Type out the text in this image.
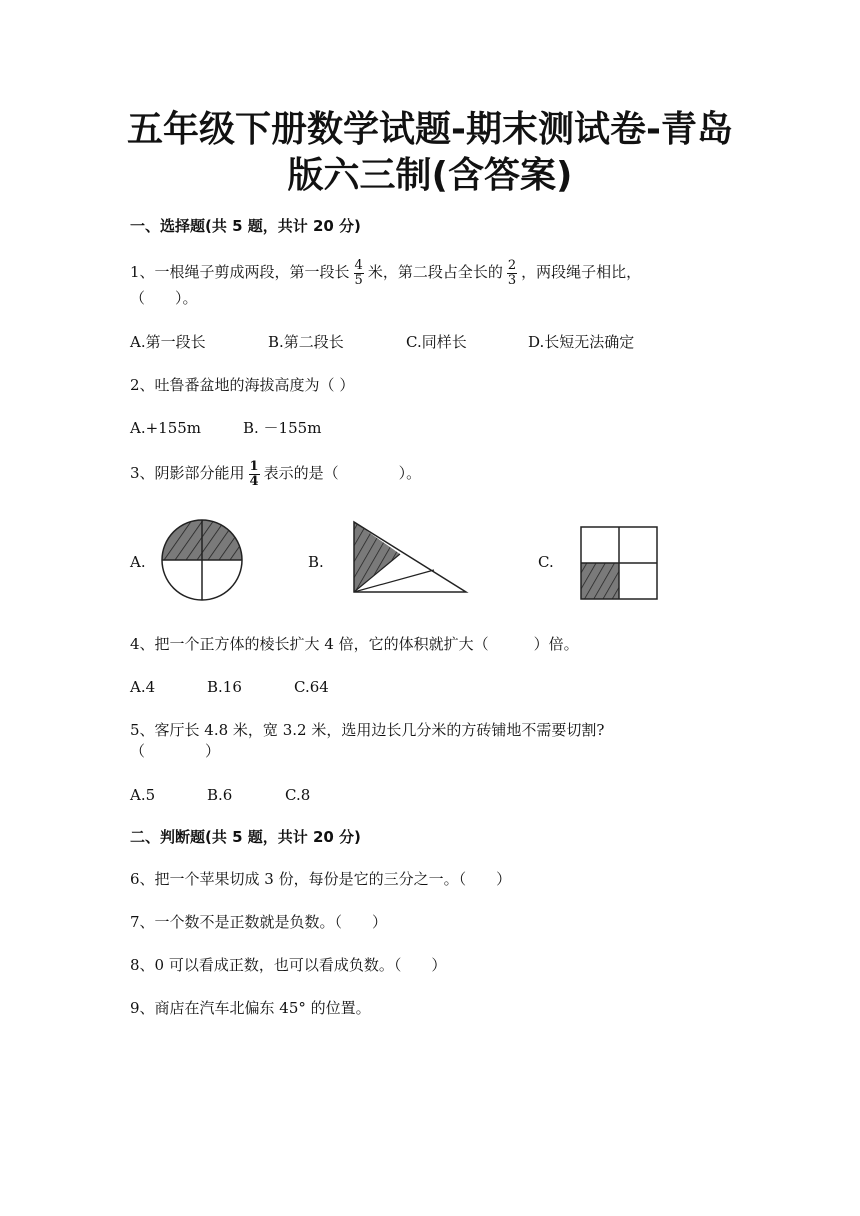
五年级下册数学试题-期末测试卷-青岛
版六三制(含答案)
一、选择题(共 5 题，共计 20 分)
1、一根绳子剪成两段，第一段长 $\frac{4}{5}$ 米，第二段占全长的 $\frac{2}{3}$ ，两段绳子相比，
（　　）。
A.第一段长	B.第二段长	C.同样长	D.长短无法确定
2、吐鲁番盆地的海拔高度为（ ）
A.+155m	B. －155m
3、阴影部分能用 $\frac{1}{4}$ 表示的是（　　　　）。
A.	B.	C.
4、把一个正方体的棱长扩大 4 倍，它的体积就扩大（　　　）倍。
A.4	B.16	C.64
5、客厅长 4.8 米，宽 3.2 米，选用边长几分米的方砖铺地不需要切割?
（　　　　）
A.5	B.6	C.8
二、判断题(共 5 题，共计 20 分)
6、把一个苹果切成 3 份，每份是它的三分之一。（　　）
7、一个数不是正数就是负数。（　　）
8、0 可以看成正数，也可以看成负数。（　　）
9、商店在汽车北偏东 45° 的位置。
